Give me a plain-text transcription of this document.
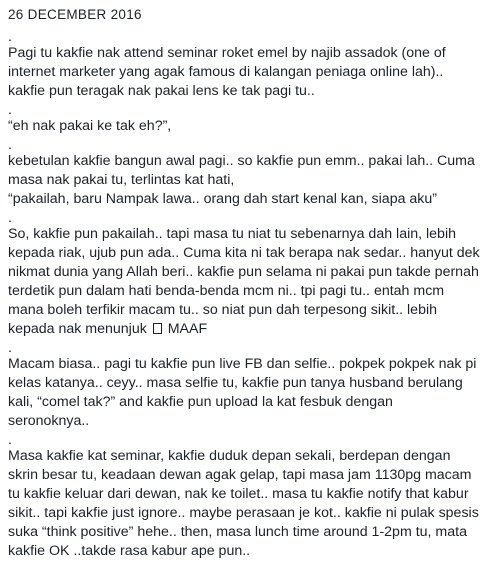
26 DECEMBER 2016
.
Pagi tu kakfie nak attend seminar roket emel by najib assadok (one of
internet marketer yang agak famous di kalangan peniaga online lah)..
kakfie pun teragak nak pakai lens ke tak pagi tu..
.
“eh nak pakai ke tak eh?”,
.
kebetulan kakfie bangun awal pagi.. so kakfie pun emm.. pakai lah.. Cuma
masa nak pakai tu, terlintas kat hati,
“pakailah, baru Nampak lawa.. orang dah start kenal kan, siapa aku”
.
So, kakfie pun pakailah.. tapi masa tu niat tu sebenarnya dah lain, lebih
kepada riak, ujub pun ada.. Cuma kita ni tak berapa nak sedar.. hanyut dek
nikmat dunia yang Allah beri.. kakfie pun selama ni pakai pun takde pernah
terdetik pun dalam hati benda-benda mcm ni.. tpi pagi tu.. entah mcm
mana boleh terfikir macam tu.. so niat pun dah terpesong sikit.. lebih
kepada nak menunjuk MAAF
.
Macam biasa.. pagi tu kakfie pun live FB dan selfie.. pokpek pokpek nak pi
kelas katanya.. ceyy.. masa selfie tu, kakfie pun tanya husband berulang
kali, “comel tak?” and kakfie pun upload la kat fesbuk dengan
seronoknya..
.
Masa kakfie kat seminar, kakfie duduk depan sekali, berdepan dengan
skrin besar tu, keadaan dewan agak gelap, tapi masa jam 1130pg macam
tu kakfie keluar dari dewan, nak ke toilet.. masa tu kakfie notify that kabur
sikit.. tapi kakfie just ignore.. maybe perasaan je kot.. kakfie ni pulak spesis
suka “think positive” hehe.. then, masa lunch time around 1-2pm tu, mata
kakfie OK ..takde rasa kabur ape pun..
